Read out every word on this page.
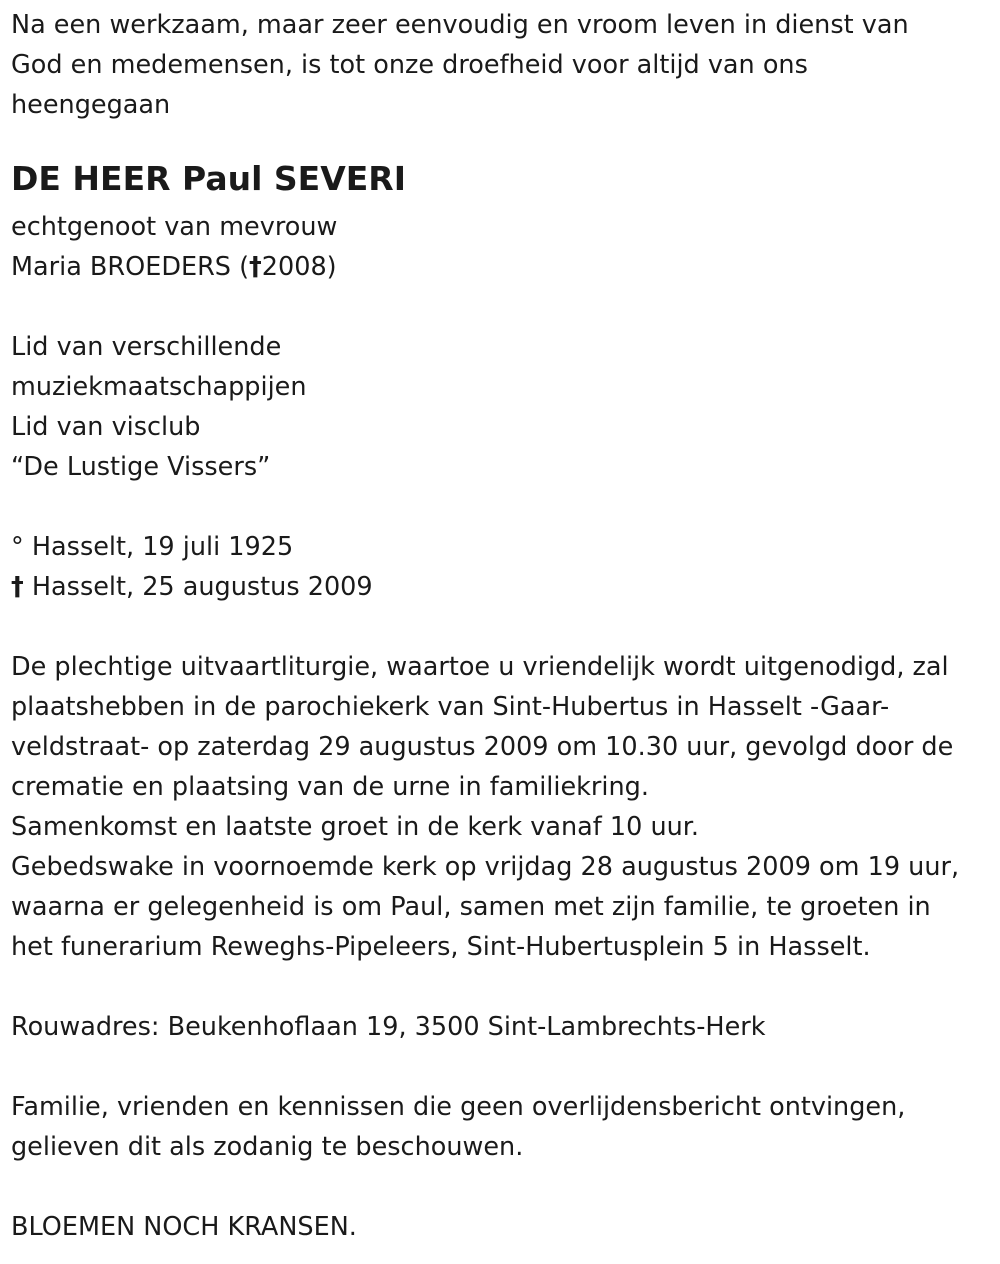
Na een werkzaam, maar zeer eenvoudig en vroom leven in dienst van
God en medemensen, is tot onze droefheid voor altijd van ons
heengegaan
DE HEER Paul SEVERI
echtgenoot van mevrouw
Maria BROEDERS (†2008)
Lid van verschillende
muziekmaatschappijen
Lid van visclub
“De Lustige Vissers”
° Hasselt, 19 juli 1925
† Hasselt, 25 augustus 2009
De plechtige uitvaartliturgie, waartoe u vriendelijk wordt uitgenodigd, zal
plaatshebben in de parochiekerk van Sint-Hubertus in Hasselt -Gaar-
veldstraat- op zaterdag 29 augustus 2009 om 10.30 uur, gevolgd door de
crematie en plaatsing van de urne in familiekring.
Samenkomst en laatste groet in de kerk vanaf 10 uur.
Gebedswake in voornoemde kerk op vrijdag 28 augustus 2009 om 19 uur,
waarna er gelegenheid is om Paul, samen met zijn familie, te groeten in
het funerarium Reweghs-Pipeleers, Sint-Hubertusplein 5 in Hasselt.
Rouwadres: Beukenhoflaan 19, 3500 Sint-Lambrechts-Herk
Familie, vrienden en kennissen die geen overlijdensbericht ontvingen,
gelieven dit als zodanig te beschouwen.
BLOEMEN NOCH KRANSEN.
